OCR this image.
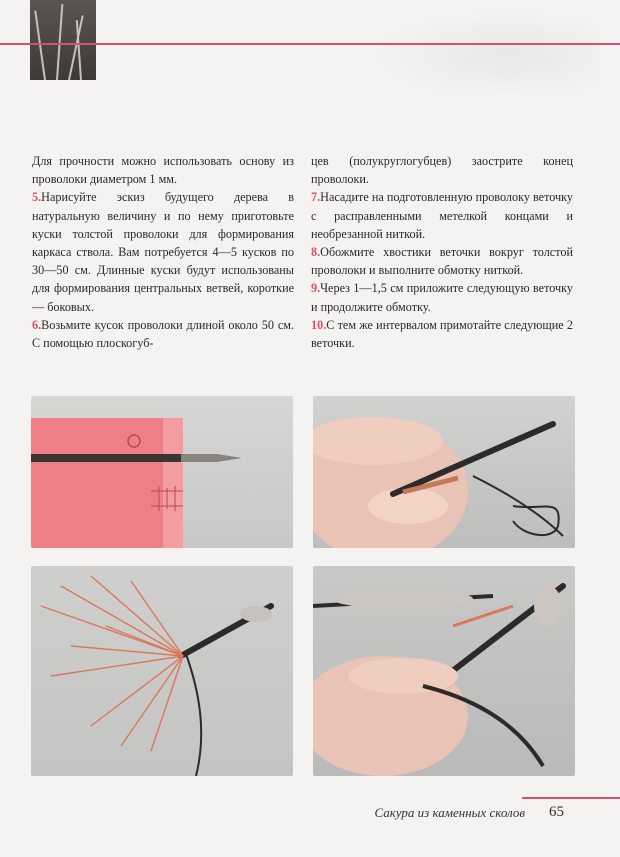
Для прочности можно использовать основу из проволоки диаметром 1 мм.

5.Нарисуйте эскиз будущего дерева в натуральную величину и по нему приготовьте куски толстой проволоки для формирования каркаса ствола. Вам потребуется 4—5 кусков по 30—50 см. Длинные куски будут использованы для формирования центральных ветвей, короткие — боковых.

6.Возьмите кусок проволоки длиной около 50 см. С помощью плоскогуб-

цев (полукруглогубцев) заострите конец проволоки.

7.Насадите на подготовленную проволоку веточку с расправленными метелкой концами и необрезанной ниткой.

8.Обожмите хвостики веточки вокруг толстой проволоки и выполните обмотку ниткой.

9.Через 1—1,5 см приложите следующую веточку и продолжите обмотку.

10.С тем же интервалом примотайте следующие 2 веточки.

Сакура из каменных сколов 65
